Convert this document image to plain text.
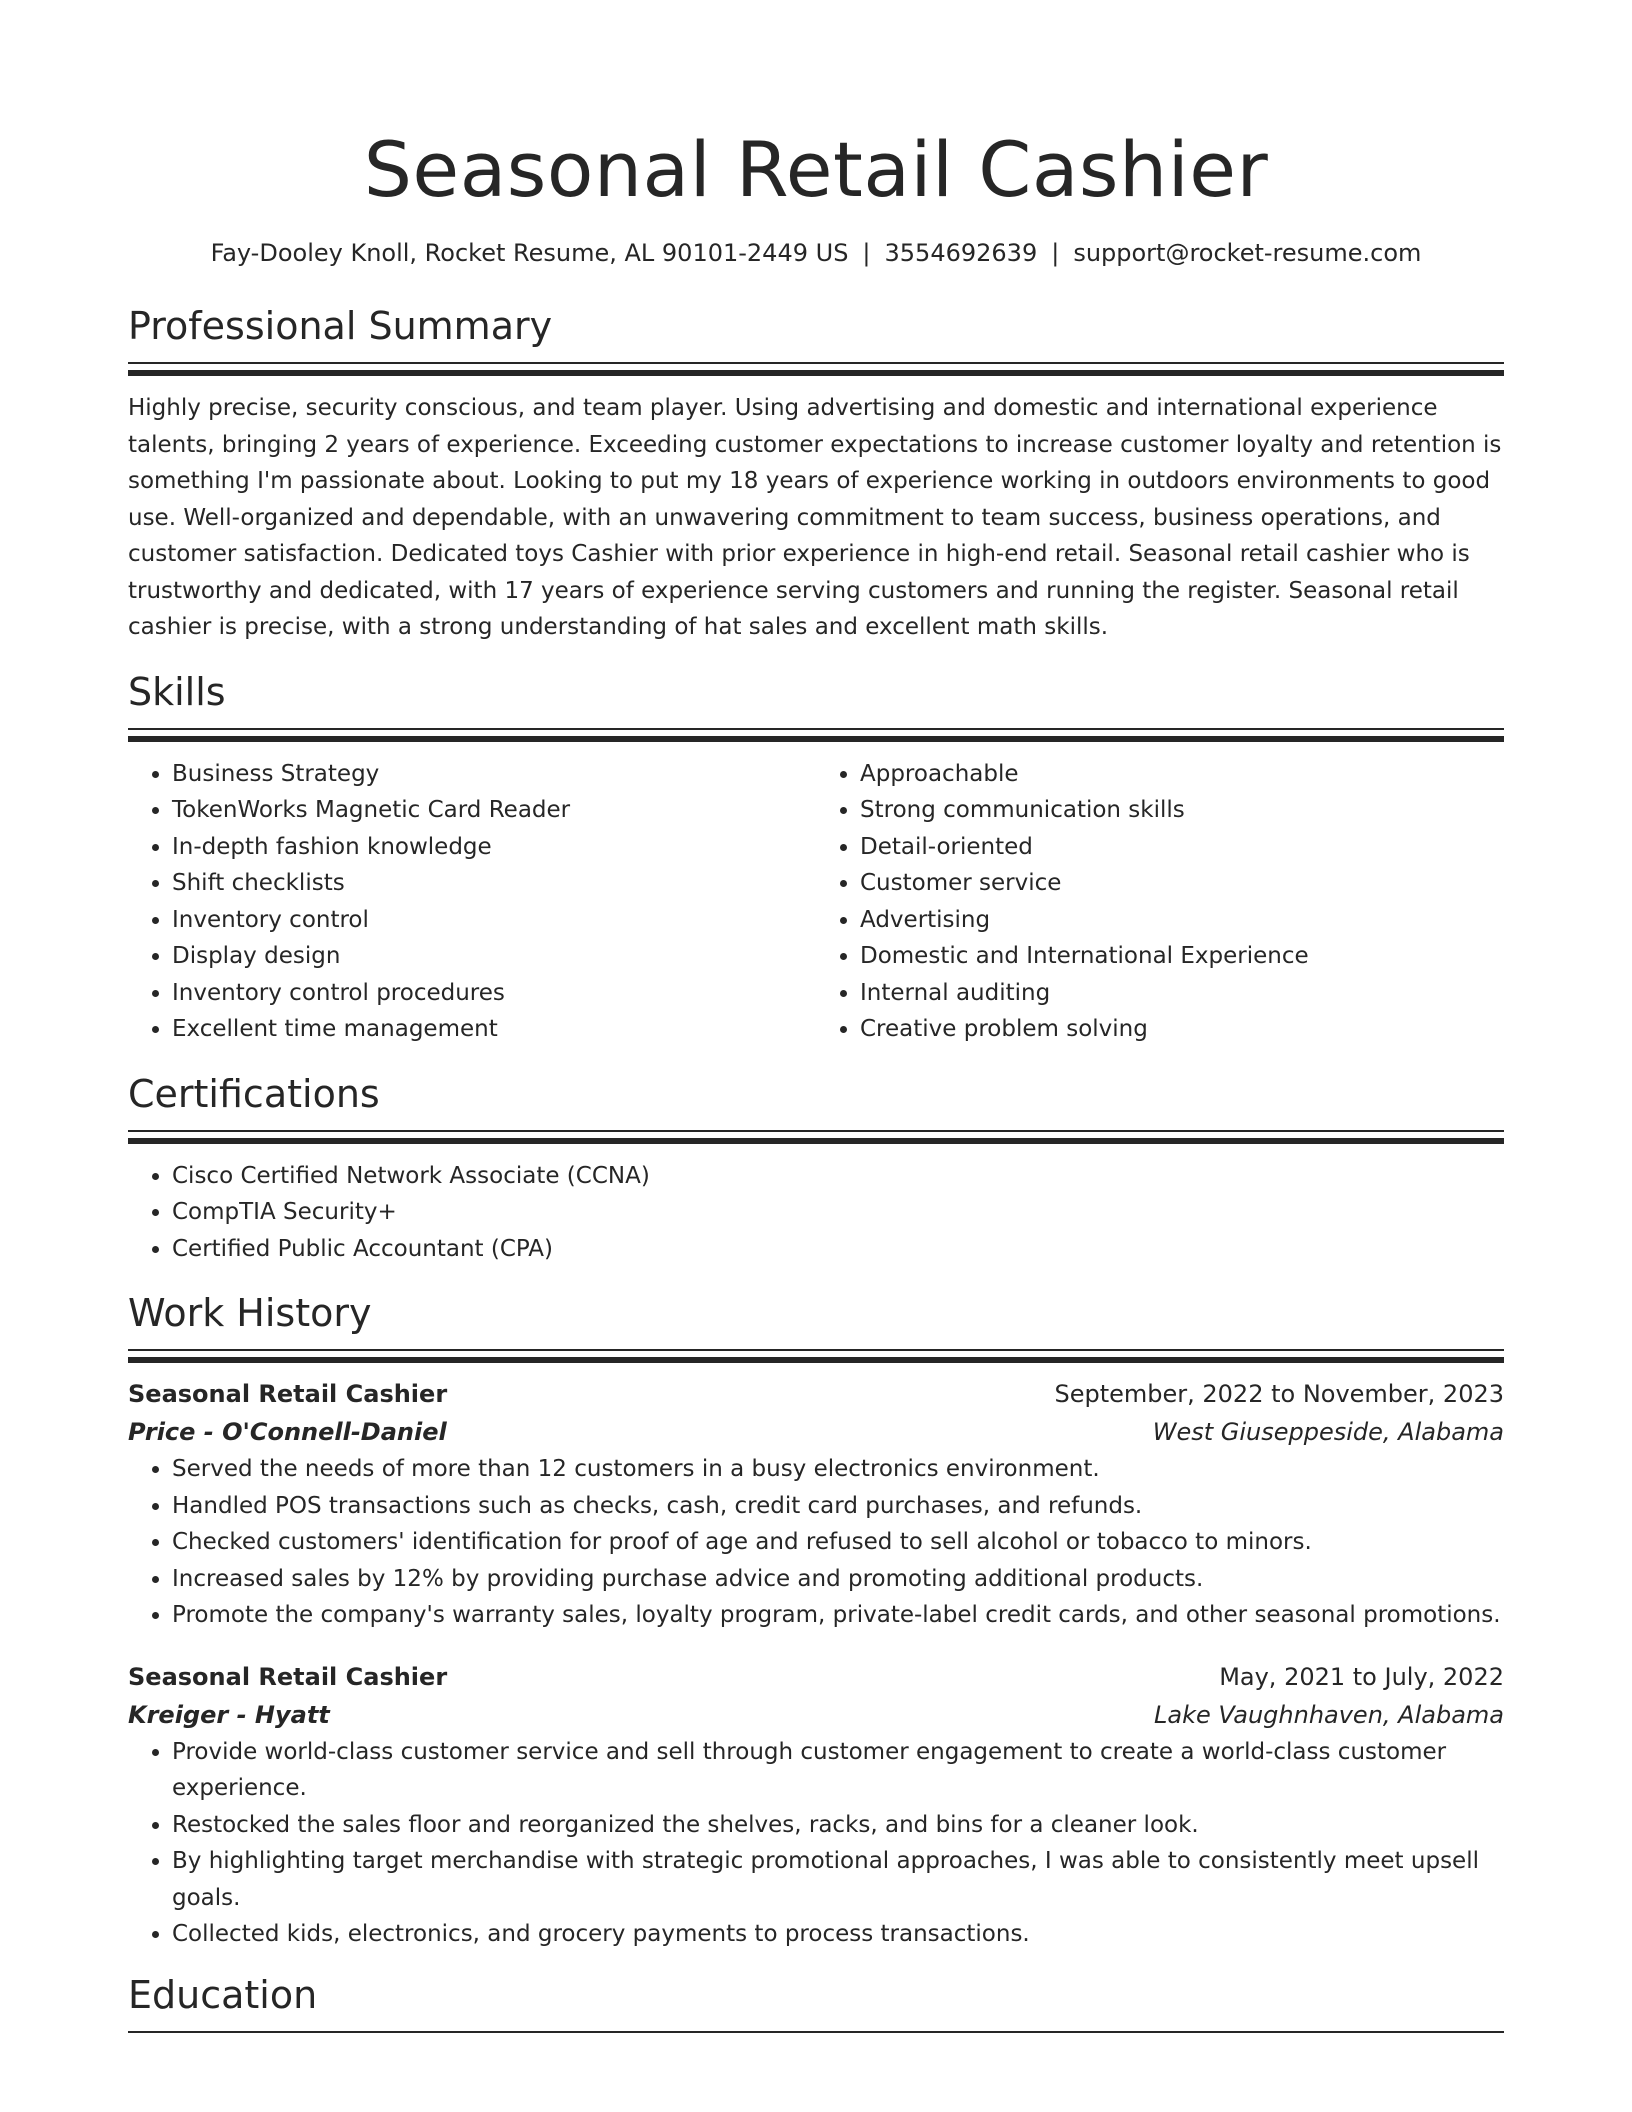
Seasonal Retail Cashier
Fay-Dooley Knoll, Rocket Resume, AL 90101-2449 US | 3554692639 | support@rocket-resume.com
Professional Summary

Highly precise, security conscious, and team player. Using advertising and domestic and international experience talents, bringing 2 years of experience. Exceeding customer expectations to increase customer loyalty and retention is something I'm passionate about. Looking to put my 18 years of experience working in outdoors environments to good use. Well-organized and dependable, with an unwavering commitment to team success, business operations, and customer satisfaction. Dedicated toys Cashier with prior experience in high-end retail. Seasonal retail cashier who is trustworthy and dedicated, with 17 years of experience serving customers and running the register. Seasonal retail cashier is precise, with a strong understanding of hat sales and excellent math skills.

Skills
• Business Strategy
• TokenWorks Magnetic Card Reader
• In-depth fashion knowledge
• Shift checklists
• Inventory control
• Display design
• Inventory control procedures
• Excellent time management
• Approachable
• Strong communication skills
• Detail-oriented
• Customer service
• Advertising
• Domestic and International Experience
• Internal auditing
• Creative problem solving
Certifications
• Cisco Certified Network Associate (CCNA)
• CompTIA Security+
• Certified Public Accountant (CPA)
Work History
Seasonal Retail Cashier	September, 2022 to November, 2023
Price - O'Connell-Daniel	West Giuseppeside, Alabama
• Served the needs of more than 12 customers in a busy electronics environment.
• Handled POS transactions such as checks, cash, credit card purchases, and refunds.
• Checked customers' identification for proof of age and refused to sell alcohol or tobacco to minors.
• Increased sales by 12% by providing purchase advice and promoting additional products.
• Promote the company's warranty sales, loyalty program, private-label credit cards, and other seasonal promotions.
Seasonal Retail Cashier	May, 2021 to July, 2022
Kreiger - Hyatt	Lake Vaughnhaven, Alabama
• Provide world-class customer service and sell through customer engagement to create a world-class customer experience.
• Restocked the sales floor and reorganized the shelves, racks, and bins for a cleaner look.
• By highlighting target merchandise with strategic promotional approaches, I was able to consistently meet upsell goals.
• Collected kids, electronics, and grocery payments to process transactions.
Education
